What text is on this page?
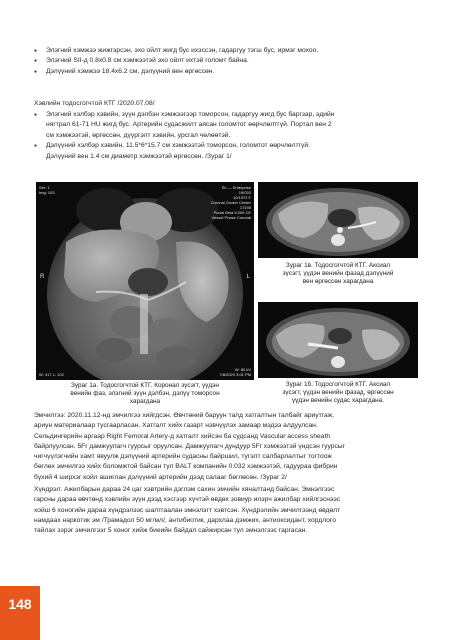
● Элэгний хэмжээ жижгэрсэн, эхо ойлт жигд бус ихэссэн, гадаргуу тэгш бус, ирмэг мохоо.
● Элэгний SII-д 0.8х0.8 см хэмжээтэй эхо ойлт ихтэй голомт байна.
● Дэлүүний хэмжээ 18.4х6.2 см, дэлүүний вен өргөссөн.
Хэвлийн тодосгогчтой КТГ /2020.07.08/
● Элэгний хэлбэр хэвийн, зүүн дэлбэн хэмжээгээр томорсон, гадаргуу жигд бус баргзар, эдийн
нягтрал 61-71 HU жигд бус. Артерийн судасжилт аясан голомтот өөрчлөлтгүй. Портал вен 2
см хэмжээтэй, өргөссөн, дүүргэлт хэвийн, урсгал чөлөөтэй.
● Дэлүүний хэлбэр хэвийн, 11.5*6*15.7 см хэмжээтэй томорсон, голомтот өөрчлөлтгүй.
Дэлүүний вен 1.4 см диаметр хэмжээтэй өргөссөн. /Зураг 1/
Ser: 1
Img: 103
Sh — Enterprise
19/033
10/1972 F
Coronal Gooler Center
17195
Portal Bela 5.000 CE
Vessel Phase Coronal
W: 417 L: 102
W: 80 kV
7/8/2020 3:01 PM
R	L
Зураг 1в. Тодосгогчтой КТГ. Аксиал
зүсэгт, үүдэн венийн фазад дэлүүний
вен өргөссөн харагдана
Зураг 1б. Тодосгогчтой КТГ. Аксиал
зүсэгт, үүдэн венийн фазад, өргөссөн
үүдэн венийн судас харагдана.
Зураг 1а. Тодосгогчтой КТГ. Коронал зүсэгт, үүдэн
венийн фаз, элэгний зүүн дэлбэн, дэлүү томорсон
харагдана
Эмчилгээ: 2020.11.12-нд эмчилгээ хийгдсэн. Өвчтөний баруун талд хатгалтын талбайг ариутгаж,
ариун материалаар тусгаарласан. Хатгалт хийх газарт нэвчүүлэх замаар мэдээ алдуулсан.
Сельдингерийн аргаар Right Femoral Artery-д хатгалт хийсэн ба судсанд Vascular access sheath
байрлуулсан. 5Fr дамжуулагч гуурсыг оруулсан. Дамжуулагч дундуур 5Fr хэмжээтэй үндсэн гуурсыг
чигчүүлэгчийн хамт явуулж дэлүүний артерийн судасны байршил, тугэлт салбарлалтыг тогтоож
бөглөх эмчилгээ хийх боломжтой байсан тул BALT компанийн 0.032 хэмжээтэй, гадуураа фибрин
бүхий 4 ширхэг койл ашиглан дэлүүний артерийн дээд салааг бөглөсөн. /Зураг 2/
Хүндрэл: Ажилбарын дараа 24 цаг хэвтрийн дэглэм сахин эмчийн хяналтанд байсан. Эмнэлгээс
гарсны дараа өвчтөнд хэвлийн зүүн дээд хэсгээр хүчтэй өвдөх зовиур илэрч ажилбар хийлгэснээс
хойш 6 хоногийн дараа хүндрэлээс шалтгаалан эмнэлэгт хэвтсэн. Хүндрэлийн эмчилгээнд өвдөлт
намдаах наркотик эм /Трамадол 50 мг/мл/, антибиотик, дархлаа дэмжих, антиоксидант, хордлого
тайлах зэрэг эмчилгээг 5 хоног хийж биеийн байдал сайжирсан тул эмнэлгээс гаргасан.
148
